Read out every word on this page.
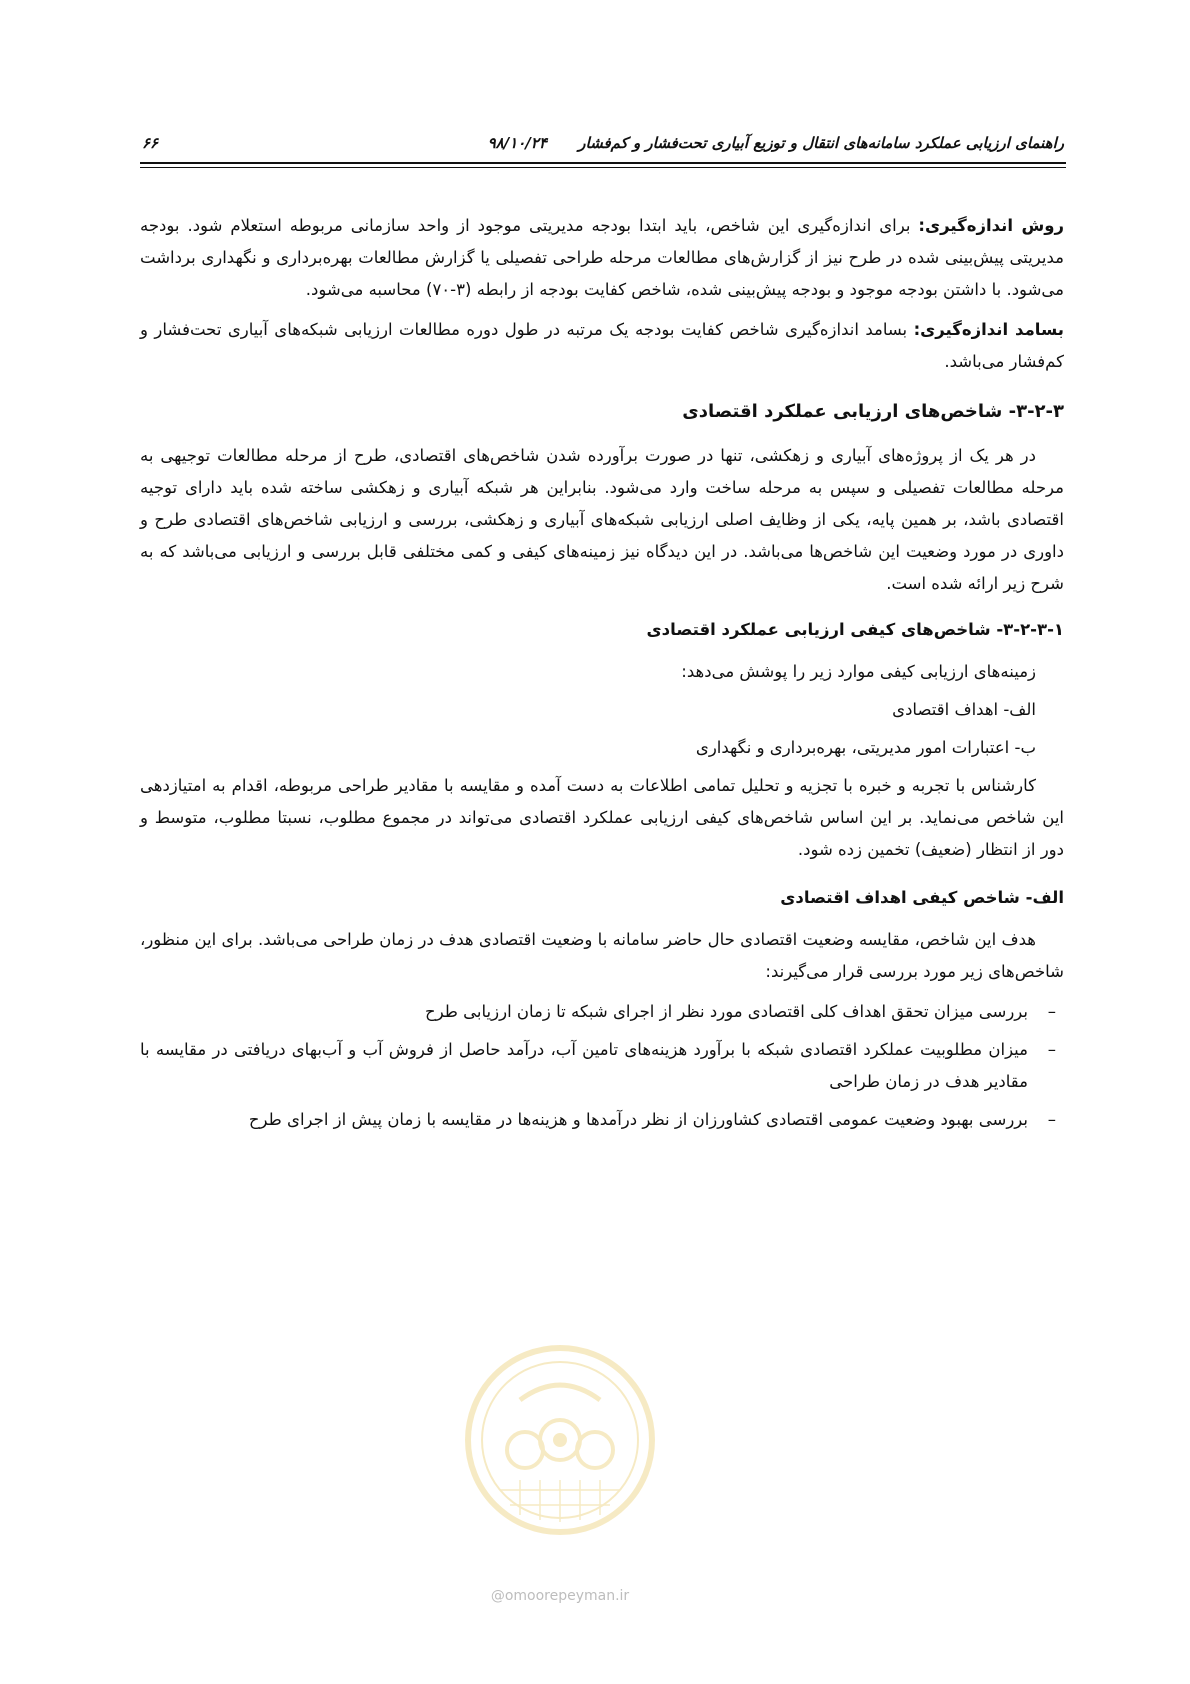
راهنمای ارزیابی عملکرد سامانه‌های انتقال و توزیع آبیاری تحت‌فشار و کم‌فشار      ۹۸/۱۰/۲۴
۶۶

روش اندازه‌گیری: برای اندازه‌گیری این شاخص، باید ابتدا بودجه مدیریتی موجود از واحد سازمانی مربوطه استعلام شود. بودجه مدیریتی پیش‌بینی شده در طرح نیز از گزارش‌های مطالعات مرحله طراحی تفصیلی یا گزارش مطالعات بهره‌برداری و نگهداری برداشت می‌شود. با داشتن بودجه موجود و بودجه پیش‌بینی شده، شاخص کفایت بودجه از رابطه (۳-۷۰) محاسبه می‌شود.

بسامد اندازه‌گیری: بسامد اندازه‌گیری شاخص کفایت بودجه یک مرتبه در طول دوره مطالعات ارزیابی شبکه‌های آبیاری تحت‌فشار و کم‌فشار می‌باشد.

۳-۲-۳- شاخص‌های ارزیابی عملکرد اقتصادی

در هر یک از پروژه‌های آبیاری و زهکشی، تنها در صورت برآورده شدن شاخص‌های اقتصادی، طرح از مرحله مطالعات توجیهی به مرحله مطالعات تفصیلی و سپس به مرحله ساخت وارد می‌شود. بنابراین هر شبکه آبیاری و زهکشی ساخته شده باید دارای توجیه اقتصادی باشد، بر همین پایه، یکی از وظایف اصلی ارزیابی شبکه‌های آبیاری و زهکشی، بررسی و ارزیابی شاخص‌های اقتصادی طرح و داوری در مورد وضعیت این شاخص‌ها می‌باشد. در این دیدگاه نیز زمینه‌های کیفی و کمی مختلفی قابل بررسی و ارزیابی می‌باشد که به شرح زیر ارائه شده است.

۳-۲-۳-۱- شاخص‌های کیفی ارزیابی عملکرد اقتصادی

زمینه‌های ارزیابی کیفی موارد زیر را پوشش می‌دهد:

الف- اهداف اقتصادی

ب- اعتبارات امور مدیریتی، بهره‌برداری و نگهداری

کارشناس با تجربه و خبره با تجزیه و تحلیل تمامی اطلاعات به دست آمده و مقایسه با مقادیر طراحی مربوطه، اقدام به امتیازدهی این شاخص می‌نماید. بر این اساس شاخص‌های کیفی ارزیابی عملکرد اقتصادی می‌تواند در مجموع مطلوب، نسبتا مطلوب، متوسط و دور از انتظار (ضعیف) تخمین زده شود.

الف- شاخص کیفی اهداف اقتصادی

هدف این شاخص، مقایسه وضعیت اقتصادی حال حاضر سامانه با وضعیت اقتصادی هدف در زمان طراحی می‌باشد. برای این منظور، شاخص‌های زیر مورد بررسی قرار می‌گیرند:

–
بررسی میزان تحقق اهداف کلی اقتصادی مورد نظر از اجرای شبکه تا زمان ارزیابی طرح
–
میزان مطلوبیت عملکرد اقتصادی شبکه با برآورد هزینه‌های تامین آب، درآمد حاصل از فروش آب و آب‌بهای دریافتی در مقایسه با مقادیر هدف در زمان طراحی
–
بررسی بهبود وضعیت عمومی اقتصادی کشاورزان از نظر درآمدها و هزینه‌ها در مقایسه با زمان پیش از اجرای طرح
@omoorepeyman.ir
